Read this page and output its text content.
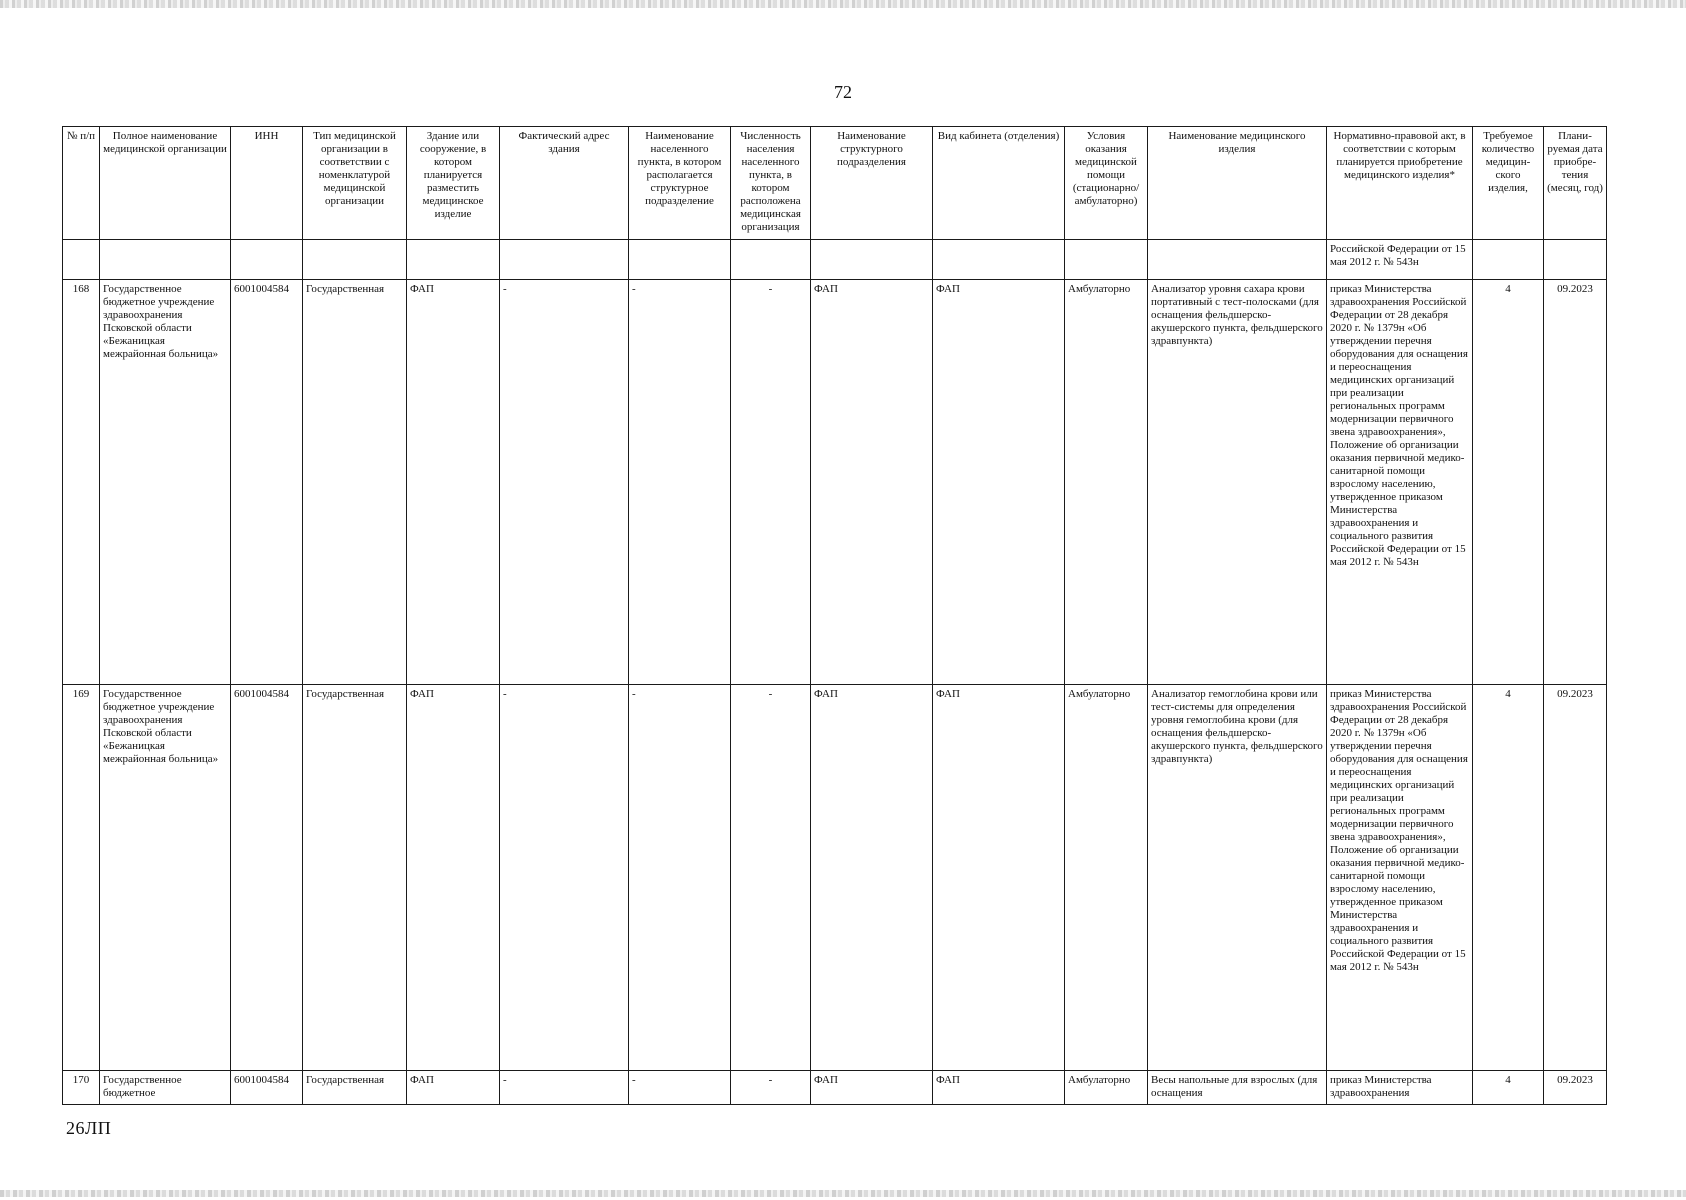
72
№ п/п	Полное наименование медицинской организации	ИНН	Тип медицинской организации в соответствии с номенклатурой медицинской организации	Здание или сооружение, в котором планируется разместить медицинское изделие	Фактический адрес здания	Наименование населенного пункта, в котором располагается структурное подразделение	Численность населения населенного пункта, в котором расположена медицинская организация	Наименование структурного подразделения	Вид кабинета (отделения)	Условия оказания медицинской помощи (стационарно/ амбулаторно)	Наименование медицинского изделия	Нормативно-правовой акт, в соответствии с которым планируется приобретение медицинского изделия*	Требуемое количество медицин-ского изделия,	Плани-руемая дата приобре-тения (месяц, год)
												Российской Федерации от 15 мая 2012 г. № 543н		
168	Государственное бюджетное учреждение здравоохранения Псковской области «Бежаницкая межрайонная больница»	6001004584	Государственная	ФАП	-	-	-	ФАП	ФАП	Амбулаторно	Анализатор уровня сахара крови портативный с тест-полосками (для оснащения фельдшерско-акушерского пункта, фельдшерского здравпункта)	приказ Министерства здравоохранения Российской Федерации от 28 декабря 2020 г. № 1379н «Об утверждении перечня оборудования для оснащения и переоснащения медицинских организаций при реализации региональных программ модернизации первичного звена здравоохранения», Положение об организации оказания первичной медико-санитарной помощи взрослому населению, утвержденное приказом Министерства здравоохранения и социального развития Российской Федерации от 15 мая 2012 г. № 543н	4	09.2023
169	Государственное бюджетное учреждение здравоохранения Псковской области «Бежаницкая межрайонная больница»	6001004584	Государственная	ФАП	-	-	-	ФАП	ФАП	Амбулаторно	Анализатор гемоглобина крови или тест-системы для определения уровня гемоглобина крови (для оснащения фельдшерско-акушерского пункта, фельдшерского здравпункта)	приказ Министерства здравоохранения Российской Федерации от 28 декабря 2020 г. № 1379н «Об утверждении перечня оборудования для оснащения и переоснащения медицинских организаций при реализации региональных программ модернизации первичного звена здравоохранения», Положение об организации оказания первичной медико-санитарной помощи взрослому населению, утвержденное приказом Министерства здравоохранения и социального развития Российской Федерации от 15 мая 2012 г. № 543н	4	09.2023
170	Государственное бюджетное	6001004584	Государственная	ФАП	-	-	-	ФАП	ФАП	Амбулаторно	Весы напольные для взрослых (для оснащения	приказ Министерства здравоохранения	4	09.2023
26ЛП
